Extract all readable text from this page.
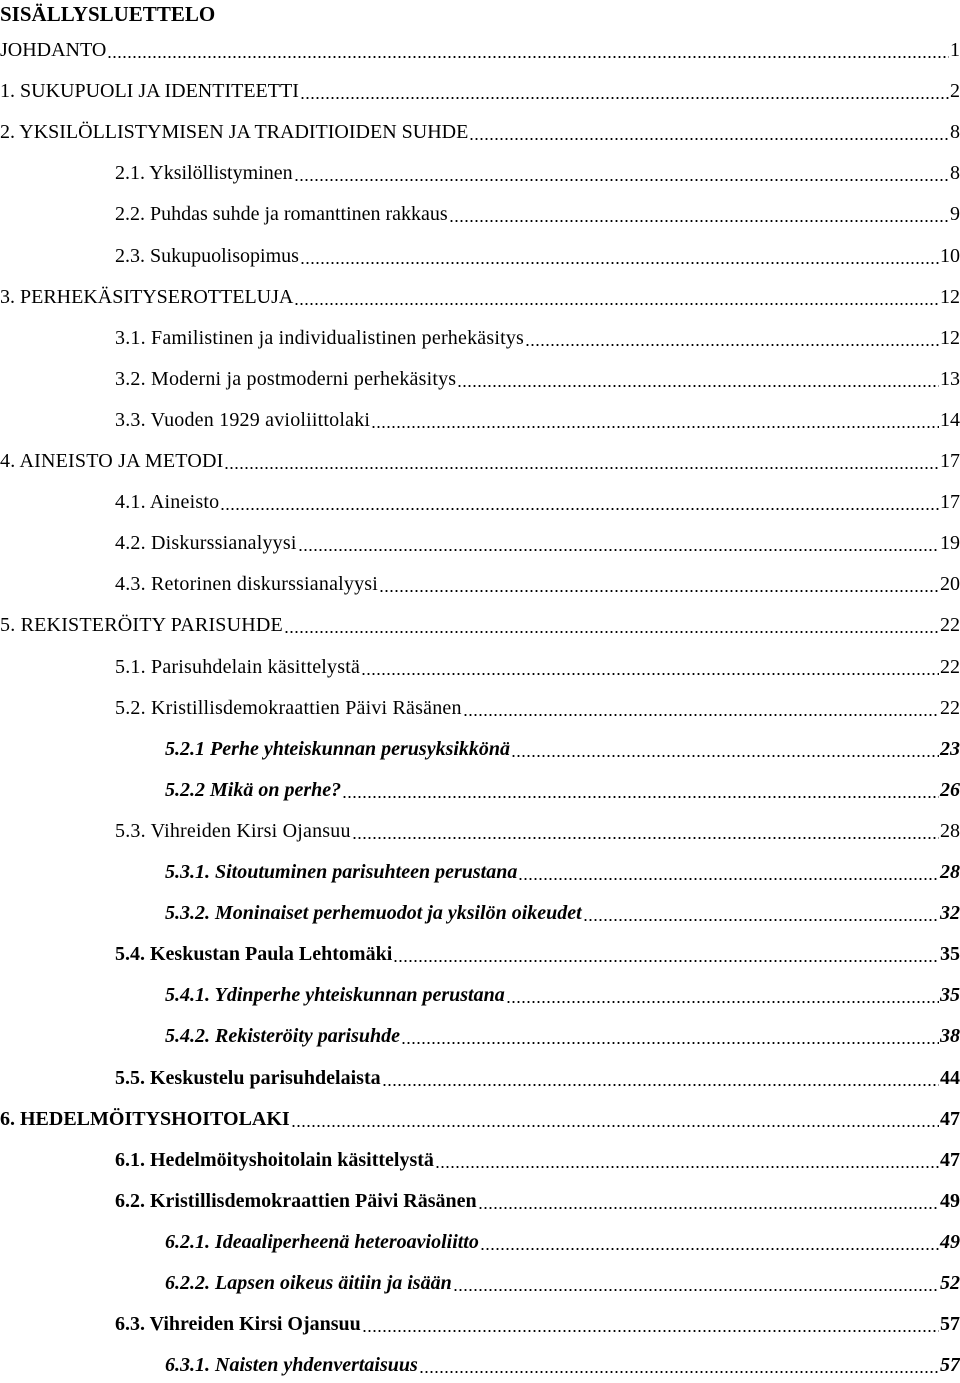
SISÄLLYSLUETTELO
JOHDANTO	1
1. SUKUPUOLI JA IDENTITEETTI	2
2. YKSILÖLLISTYMISEN JA TRADITIOIDEN SUHDE	8
2.1. Yksilöllistyminen	8
2.2. Puhdas suhde ja romanttinen rakkaus	9
2.3. Sukupuolisopimus	10
3. PERHEKÄSITYSEROTTELUJA	12
3.1. Familistinen ja individualistinen perhekäsitys	12
3.2. Moderni ja postmoderni perhekäsitys	13
3.3. Vuoden 1929 avioliittolaki	14
4. AINEISTO JA METODI	17
4.1. Aineisto	17
4.2. Diskurssianalyysi	19
4.3. Retorinen diskurssianalyysi	20
5. REKISTERÖITY PARISUHDE	22
5.1. Parisuhdelain käsittelystä	22
5.2. Kristillisdemokraattien Päivi Räsänen	22
5.2.1 Perhe yhteiskunnan perusyksikkönä	23
5.2.2 Mikä on perhe?	26
5.3. Vihreiden Kirsi Ojansuu	28
5.3.1. Sitoutuminen parisuhteen perustana	28
5.3.2. Moninaiset perhemuodot ja yksilön oikeudet	32
5.4. Keskustan Paula Lehtomäki	35
5.4.1. Ydinperhe yhteiskunnan perustana	35
5.4.2. Rekisteröity parisuhde	38
5.5. Keskustelu parisuhdelaista	44
6. HEDELMÖITYSHOITOLAKI	47
6.1. Hedelmöityshoitolain käsittelystä	47
6.2. Kristillisdemokraattien Päivi Räsänen	49
6.2.1. Ideaaliperheenä heteroavioliitto	49
6.2.2. Lapsen oikeus äitiin ja isään	52
6.3. Vihreiden Kirsi Ojansuu	57
6.3.1. Naisten yhdenvertaisuus	57
